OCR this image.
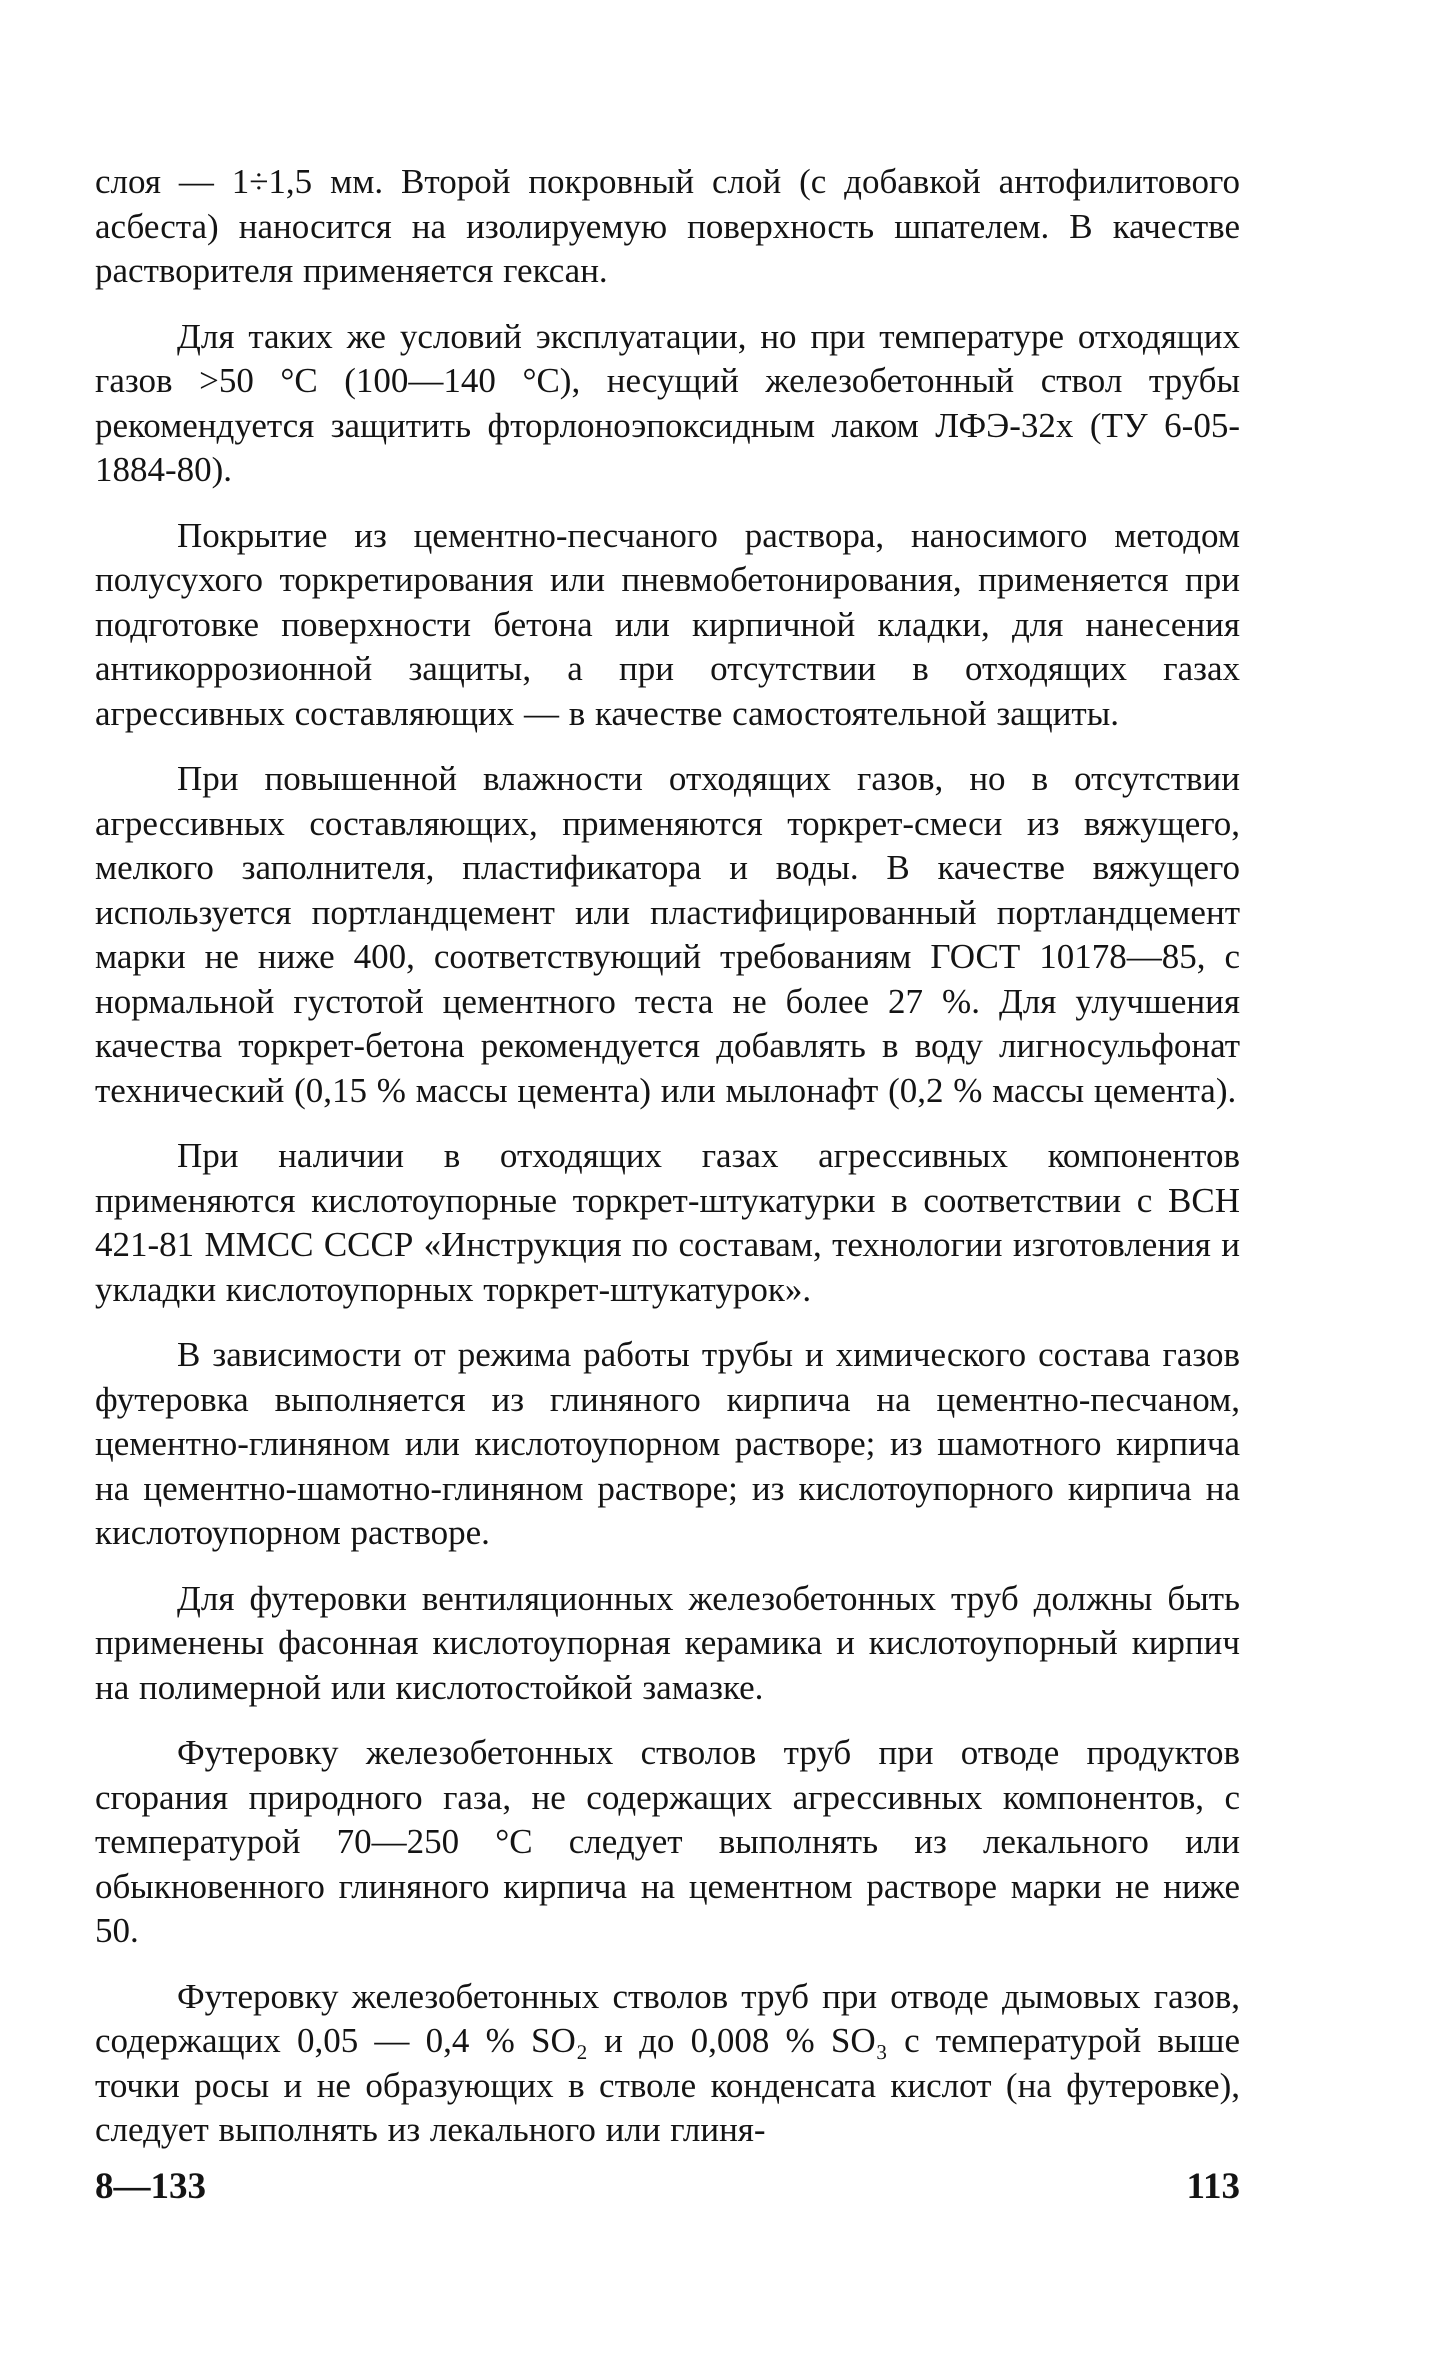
слоя — 1÷1,5 мм. Второй покровный слой (с добавкой антофилитового асбеста) наносится на изолируемую поверхность шпателем. В качестве растворителя применяется гексан.

Для таких же условий эксплуатации, но при температуре отходящих газов >50 °С (100—140 °С), несущий железобетонный ствол трубы рекомендуется защитить фторлоноэпоксидным лаком ЛФЭ-32х (ТУ 6-05-1884-80).

Покрытие из цементно-песчаного раствора, наносимого методом полусухого торкретирования или пневмобетонирования, применяется при подготовке поверхности бетона или кирпичной кладки, для нанесения антикоррозионной защиты, а при отсутствии в отходящих газах агрессивных составляющих — в качестве самостоятельной защиты.

При повышенной влажности отходящих газов, но в отсутствии агрессивных составляющих, применяются торкрет-смеси из вяжущего, мелкого заполнителя, пластификатора и воды. В качестве вяжущего используется портландцемент или пластифицированный портландцемент марки не ниже 400, соответствующий требованиям ГОСТ 10178—85, с нормальной густотой цементного теста не более 27 %. Для улучшения качества торкрет-бетона рекомендуется добавлять в воду лигносульфонат технический (0,15 % массы цемента) или мылонафт (0,2 % массы цемента).

При наличии в отходящих газах агрессивных компонентов применяются кислотоупорные торкрет-штукатурки в соответствии с ВСН 421-81 ММСС СССР «Инструкция по составам, технологии изготовления и укладки кислотоупорных торкрет-штукатурок».

В зависимости от режима работы трубы и химического состава газов футеровка выполняется из глиняного кирпича на цементно-песчаном, цементно-глиняном или кислотоупорном растворе; из шамотного кирпича на цементно-шамотно-глиняном растворе; из кислотоупорного кирпича на кислотоупорном растворе.

Для футеровки вентиляционных железобетонных труб должны быть применены фасонная кислотоупорная керамика и кислотоупорный кирпич на полимерной или кислотостойкой замазке.

Футеровку железобетонных стволов труб при отводе продуктов сгорания природного газа, не содержащих агрессивных компонентов, с температурой 70—250 °С следует выполнять из лекального или обыкновенного глиняного кирпича на цементном растворе марки не ниже 50.

Футеровку железобетонных стволов труб при отводе дымовых газов, содержащих 0,05 — 0,4 % SO₂ и до 0,008 % SO₃ с температурой выше точки росы и не образующих в стволе конденсата кислот (на футеровке), следует выполнять из лекального или глиня-

8—133	113
